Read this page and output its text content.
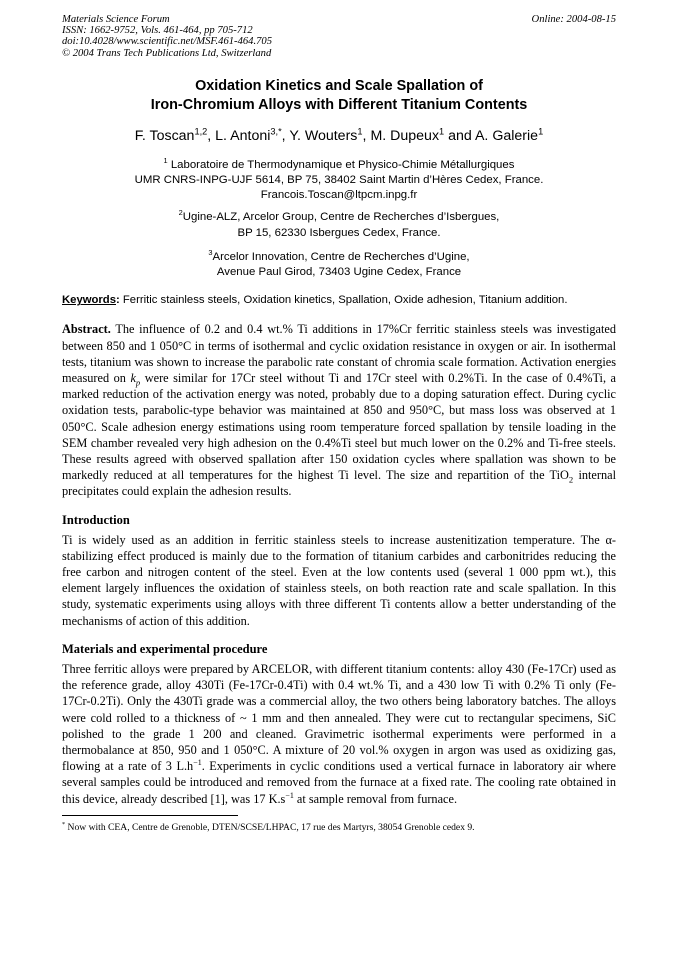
Materials Science Forum	Online: 2004-08-15
ISSN: 1662-9752, Vols. 461-464, pp 705-712
doi:10.4028/www.scientific.net/MSF.461-464.705
© 2004 Trans Tech Publications Ltd, Switzerland
Oxidation Kinetics and Scale Spallation of
Iron-Chromium Alloys with Different Titanium Contents
F. Toscan$^{1,2}$, L. Antoni$^{3,*}$, Y. Wouters$^1$, M. Dupeux$^1$ and A. Galerie$^1$
$^1$ Laboratoire de Thermodynamique et Physico-Chimie Métallurgiques
UMR CNRS-INPG-UJF 5614, BP 75, 38402 Saint Martin d’Hères Cedex, France.
Francois.Toscan@ltpcm.inpg.fr
$^2$Ugine-ALZ, Arcelor Group, Centre de Recherches d’Isbergues,
BP 15, 62330 Isbergues Cedex, France.
$^3$Arcelor Innovation, Centre de Recherches d’Ugine,
Avenue Paul Girod, 73403 Ugine Cedex, France
Keywords: Ferritic stainless steels, Oxidation kinetics, Spallation, Oxide adhesion, Titanium addition.
Abstract. The influence of 0.2 and 0.4 wt.% Ti additions in 17%Cr ferritic stainless steels was investigated between 850 and 1 050°C in terms of isothermal and cyclic oxidation resistance in oxygen or air. In isothermal tests, titanium was shown to increase the parabolic rate constant of chromia scale formation. Activation energies measured on $k_p$ were similar for 17Cr steel without Ti and 17Cr steel with 0.2%Ti. In the case of 0.4%Ti, a marked reduction of the activation energy was noted, probably due to a doping saturation effect. During cyclic oxidation tests, parabolic-type behavior was maintained at 850 and 950°C, but mass loss was observed at 1 050°C. Scale adhesion energy estimations using room temperature forced spallation by tensile loading in the SEM chamber revealed very high adhesion on the 0.4%Ti steel but much lower on the 0.2% and Ti-free steels. These results agreed with observed spallation after 150 oxidation cycles where spallation was shown to be markedly reduced at all temperatures for the highest Ti level. The size and repartition of the TiO$_2$ internal precipitates could explain the adhesion results.
Introduction
Ti is widely used as an addition in ferritic stainless steels to increase austenitization temperature. The α-stabilizing effect produced is mainly due to the formation of titanium carbides and carbonitrides reducing the free carbon and nitrogen content of the steel. Even at the low contents used (several 1 000 ppm wt.), this element largely influences the oxidation of stainless steels, on both reaction rate and scale spallation. In this study, systematic experiments using alloys with three different Ti contents allow a better understanding of the mechanisms of action of this addition.
Materials and experimental procedure
Three ferritic alloys were prepared by ARCELOR, with different titanium contents: alloy 430 (Fe-17Cr) used as the reference grade, alloy 430Ti (Fe-17Cr-0.4Ti) with 0.4 wt.% Ti, and a 430 low Ti with 0.2% Ti only (Fe-17Cr-0.2Ti). Only the 430Ti grade was a commercial alloy, the two others being laboratory batches. The alloys were cold rolled to a thickness of ~ 1 mm and then annealed. They were cut to rectangular specimens, SiC polished to the grade 1 200 and cleaned. Gravimetric isothermal experiments were performed in a thermobalance at 850, 950 and 1 050°C. A mixture of 20 vol.% oxygen in argon was used as oxidizing gas, flowing at a rate of 3 $L.h^{-1}$. Experiments in cyclic conditions used a vertical furnace in laboratory air where several samples could be introduced and removed from the furnace at a fixed rate. The cooling rate obtained in this device, already described [1], was 17 $K.s^{-1}$ at sample removal from furnace.
* Now with CEA, Centre de Grenoble, DTEN/SCSE/LHPAC, 17 rue des Martyrs, 38054 Grenoble cedex 9.
